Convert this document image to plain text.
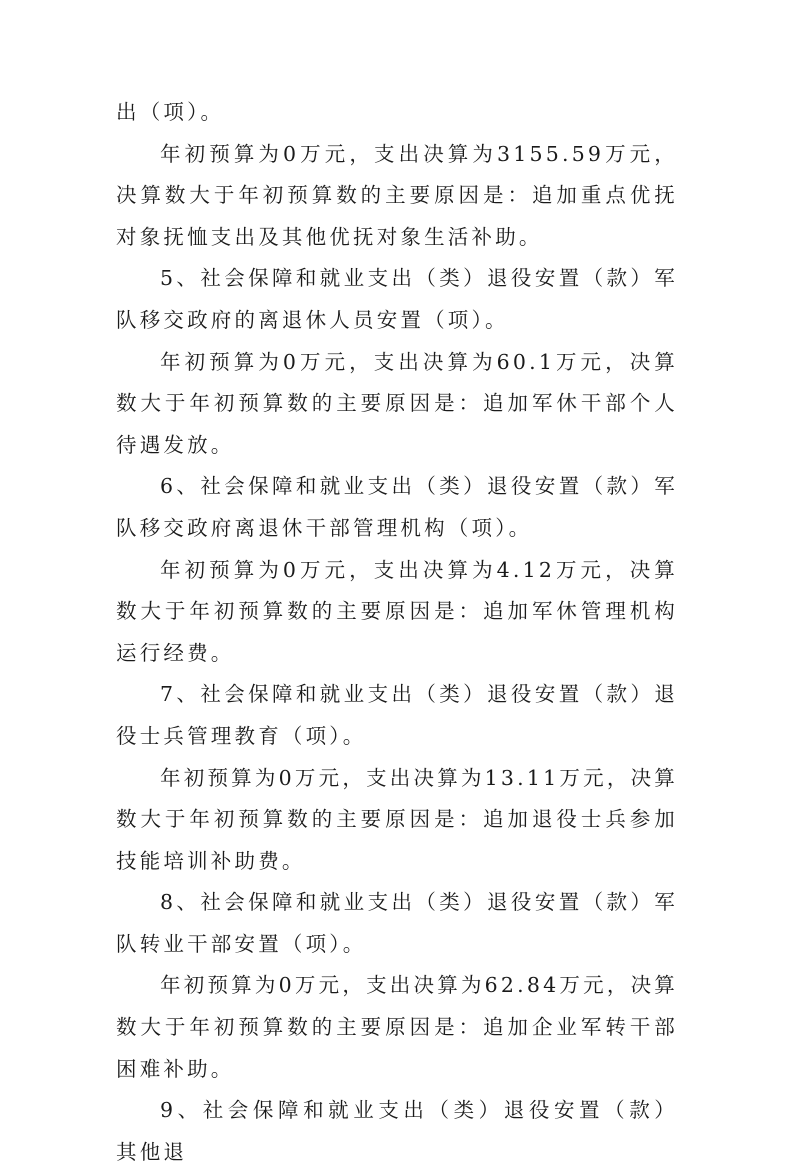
出（项）。

年初预算为0万元，支出决算为3155.59万元，决算数大于年初预算数的主要原因是：追加重点优抚对象抚恤支出及其他优抚对象生活补助。

5、社会保障和就业支出（类）退役安置（款）军队移交政府的离退休人员安置（项）。

年初预算为0万元，支出决算为60.1万元，决算数大于年初预算数的主要原因是：追加军休干部个人待遇发放。

6、社会保障和就业支出（类）退役安置（款）军队移交政府离退休干部管理机构（项）。

年初预算为0万元，支出决算为4.12万元，决算数大于年初预算数的主要原因是：追加军休管理机构运行经费。

7、社会保障和就业支出（类）退役安置（款）退役士兵管理教育（项）。

年初预算为0万元，支出决算为13.11万元，决算数大于年初预算数的主要原因是：追加退役士兵参加技能培训补助费。

8、社会保障和就业支出（类）退役安置（款）军队转业干部安置（项）。

年初预算为0万元，支出决算为62.84万元，决算数大于年初预算数的主要原因是：追加企业军转干部困难补助。

9、社会保障和就业支出（类）退役安置（款） 其他退
